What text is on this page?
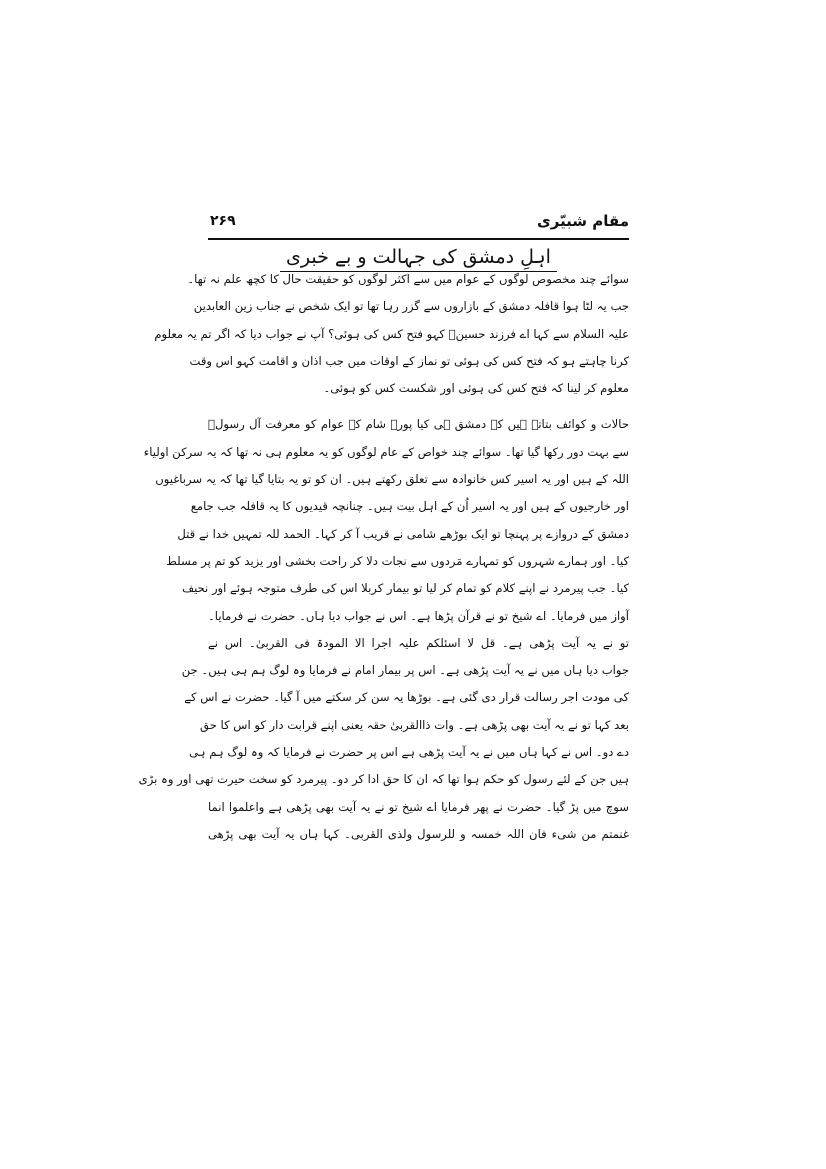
مقام شبیّری
۲۶۹
اہلِ دمشق کی جہالت و بے خبری
سوائے چند مخصوص لوگوں کے عوام میں سے اکثر لوگوں کو حقیقت حال کا کچھ علم نہ تھا۔
جب یہ لٹا ہوا قافلہ دمشق کے بازاروں سے گزر رہا تھا تو ایک شخص نے جناب زین العابدین
علیہ السلام سے کہا اے فرزند حسینؑ کہو فتح کس کی ہوئی؟ آپ نے جواب دیا کہ اگر تم یہ معلوم
کرنا چاہتے ہو کہ فتح کس کی ہوئی تو نماز کے اوقات میں جب اذان و اقامت کہو اس وقت
معلوم کر لینا کہ فتح کس کی ہوئی اور شکست کس کو ہوئی۔
حالات و کوائف بتاتے ہیں کہ دمشق ہی کیا پورے شام کے عوام کو معرفت آل رسولؐ
سے بہت دور رکھا گیا تھا۔ سوائے چند خواص کے عام لوگوں کو یہ معلوم ہی نہ تھا کہ یہ سرکن اولیاء
اللہ کے ہیں اور یہ اسیر کس خانوادہ سے تعلق رکھتے ہیں۔ ان کو تو یہ بتایا گیا تھا کہ یہ سرباغیوں
اور خارجیوں کے ہیں اور یہ اسیر اُن کے اہل بیت ہیں۔ چنانچہ قیدیوں کا یہ قافلہ جب جامع
دمشق کے دروازے پر پہنچا تو ایک بوڑھے شامی نے قریب آ کر کہا۔ الحمد للہ تمہیں خدا نے قتل
کیا۔ اور ہمارے شہروں کو تمہارے مَردوں سے نجات دلا کر راحت بخشی اور یزید کو تم پر مسلط
کیا۔ جب پیرمرد نے اپنے کلام کو تمام کر لیا تو بیمار کربلا اس کی طرف متوجہ ہوئے اور نحیف
آواز میں فرمایا۔ اے شیخ تو نے قرآن پڑھا ہے۔ اس نے جواب دیا ہاں۔ حضرت نے فرمایا۔
تو نے یہ آیت پڑھی ہے۔ قل لا اسئلکم علیہ اجرا الا المودۃ فی القربیٰ۔ اس نے
جواب دیا ہاں میں نے یہ آیت پڑھی ہے۔ اس پر بیمار امام نے فرمایا وہ لوگ ہم ہی ہیں۔ جن
کی مودت اجر رسالت قرار دی گئی ہے۔ بوڑھا یہ سن کر سکتے میں آ گیا۔ حضرت نے اس کے
بعد کہا تو نے یہ آیت بھی پڑھی ہے۔ وات ذاالقربیٰ حقہ یعنی اپنے قرابت دار کو اس کا حق
دے دو۔ اس نے کہا ہاں میں نے یہ آیت پڑھی ہے اس پر حضرت نے فرمایا کہ وہ لوگ ہم ہی
ہیں جن کے لئے رسول کو حکم ہوا تھا کہ ان کا حق ادا کر دو۔ پیرمرد کو سخت حیرت تھی اور وہ بڑی
سوچ میں پڑ گیا۔ حضرت نے پھر فرمایا اے شیخ تو نے یہ آیت بھی پڑھی ہے واعلموا انما
غنمتم من شیء فان اللہ خمسہ و للرسول ولذی القربی۔ کہا ہاں یہ آیت بھی پڑھی
